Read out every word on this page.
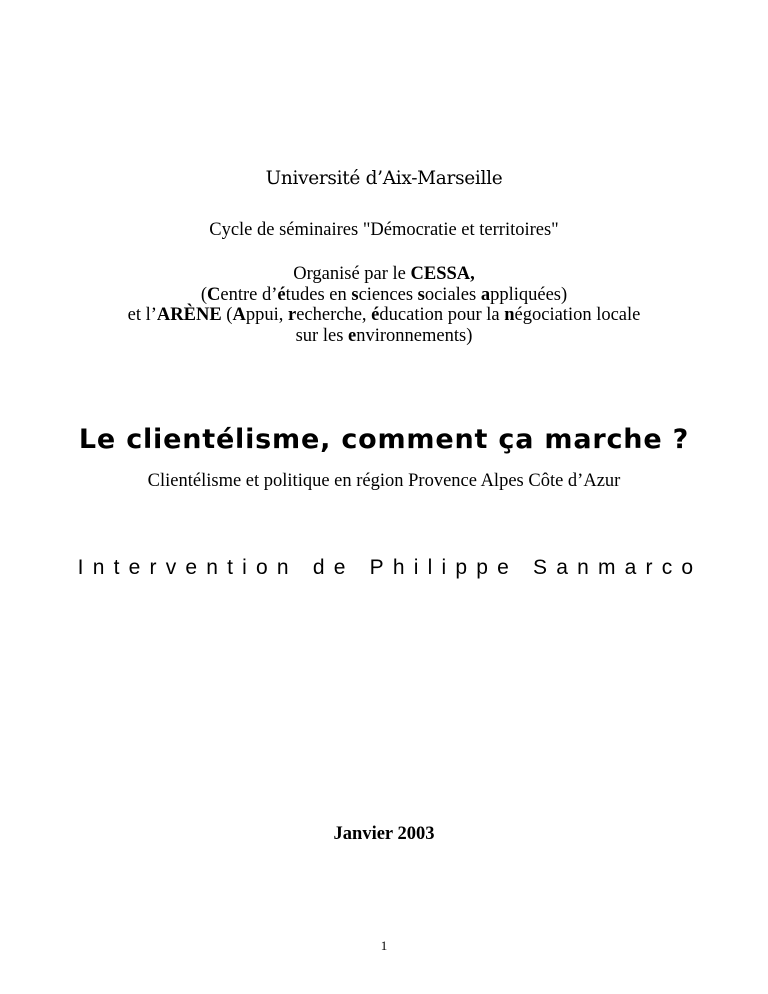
Université d’Aix-Marseille
Cycle de séminaires "Démocratie et territoires"
Organisé par le CESSA,
(Centre d’études en sciences sociales appliquées)
et l’ARÈNE (Appui, recherche, éducation pour la négociation locale
sur les environnements)
Le clientélisme, comment ça marche ?
Clientélisme et politique en région Provence Alpes Côte d’Azur
Intervention de Philippe Sanmarco
Janvier 2003
1
